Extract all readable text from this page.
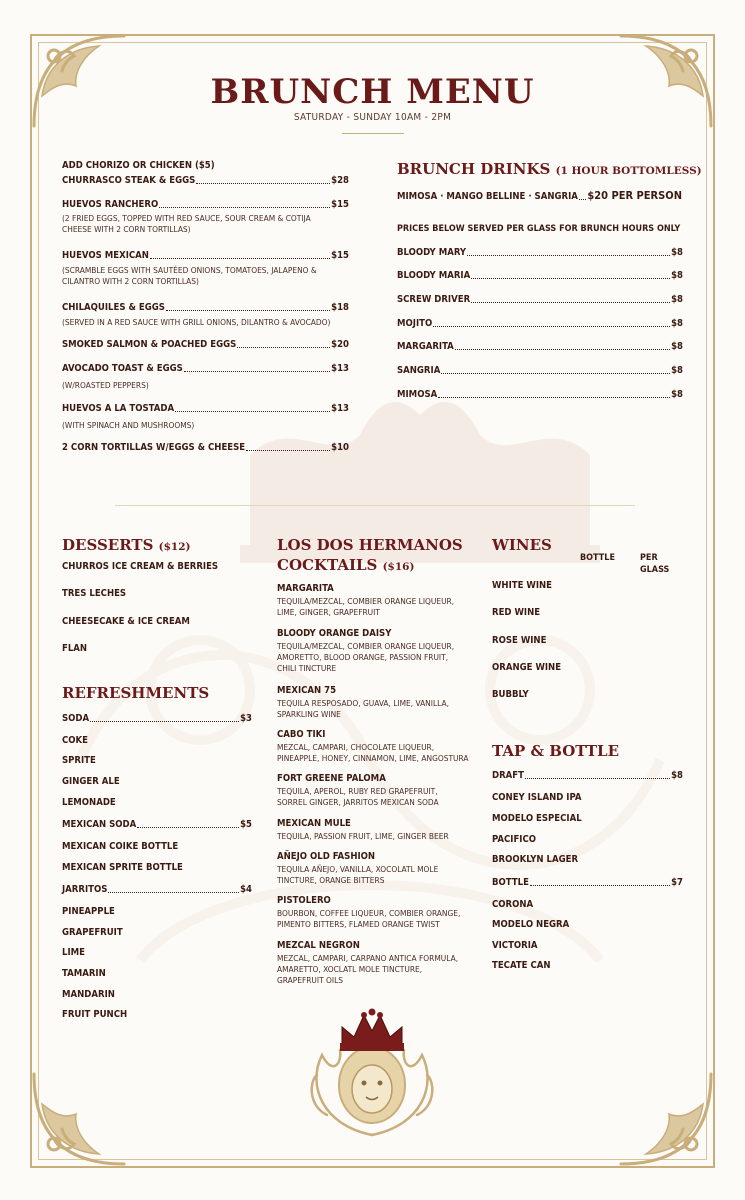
BRUNCH MENU
SATURDAY - SUNDAY 10AM - 2PM
ADD CHORIZO OR CHICKEN ($5)
CHURRASCO STEAK & EGGS	$28
HUEVOS RANCHERO	$15
(2 FRIED EGGS, TOPPED WITH RED SAUCE, SOUR CREAM & COTIJA CHEESE WITH 2 CORN TORTILLAS)
HUEVOS MEXICAN	$15
(SCRAMBLE EGGS WITH SAUTÉED ONIONS, TOMATOES, JALAPENO & CILANTRO WITH 2 CORN TORTILLAS)
CHILAQUILES & EGGS	$18
(SERVED IN A RED SAUCE WITH GRILL ONIONS, DILANTRO & AVOCADO)
SMOKED SALMON & POACHED EGGS	$20
AVOCADO TOAST & EGGS	$13
(W/ROASTED PEPPERS)
HUEVOS A LA TOSTADA	$13
(WITH SPINACH AND MUSHROOMS)
2 CORN TORTILLAS W/EGGS & CHEESE	$10
BRUNCH DRINKS (1 HOUR BOTTOMLESS)
MIMOSA · MANGO BELLINE · SANGRIA $20 PER PERSON
PRICES BELOW SERVED PER GLASS FOR BRUNCH HOURS ONLY
BLOODY MARY	$8
BLOODY MARIA	$8
SCREW DRIVER	$8
MOJITO	$8
MARGARITA	$8
SANGRIA	$8
MIMOSA	$8
DESSERTS ($12)
CHURROS ICE CREAM & BERRIES
TRES LECHES
CHEESECAKE & ICE CREAM
FLAN
REFRESHMENTS
SODA	$3
COKE
SPRITE
GINGER ALE
LEMONADE
MEXICAN SODA	$5
MEXICAN COIKE BOTTLE
MEXICAN SPRITE BOTTLE
JARRITOS	$4
PINEAPPLE
GRAPEFRUIT
LIME
TAMARIN
MANDARIN
FRUIT PUNCH
LOS DOS HERMANOS
COCKTAILS ($16)
MARGARITA
TEQUILA/MEZCAL, COMBIER ORANGE LIQUEUR, LIME, GINGER, GRAPEFRUIT
BLOODY ORANGE DAISY
TEQUILA/MEZCAL, COMBIER ORANGE LIQUEUR, AMORETTO, BLOOD ORANGE, PASSION FRUIT, CHILI TINCTURE
MEXICAN 75
TEQUILA RESPOSADO, GUAVA, LIME, VANILLA, SPARKLING WINE
CABO TIKI
MEZCAL, CAMPARI, CHOCOLATE LIQUEUR, PINEAPPLE, HONEY, CINNAMON, LIME, ANGOSTURA
FORT GREENE PALOMA
TEQUILA, APEROL, RUBY RED GRAPEFRUIT, SORREL GINGER, JARRITOS MEXICAN SODA
MEXICAN MULE
TEQUILA, PASSION FRUIT, LIME, GINGER BEER
AÑEJO OLD FASHION
TEQUILA AÑEJO, VANILLA, XOCOLATL MOLE TINCTURE, ORANGE BITTERS
PISTOLERO
BOURBON, COFFEE LIQUEUR, COMBIER ORANGE, PIMENTO BITTERS, FLAMED ORANGE TWIST
MEZCAL NEGRON
MEZCAL, CAMPARI, CARPANO ANTICA FORMULA, AMARETTO, XOCLATL MOLE TINCTURE, GRAPEFRUIT OILS
WINES
BOTTLE	PER
GLASS
WHITE WINE
RED WINE
ROSE WINE
ORANGE WINE
BUBBLY
TAP & BOTTLE
DRAFT	$8
CONEY ISLAND IPA
MODELO ESPECIAL
PACIFICO
BROOKLYN LAGER
BOTTLE	$7
CORONA
MODELO NEGRA
VICTORIA
TECATE CAN
